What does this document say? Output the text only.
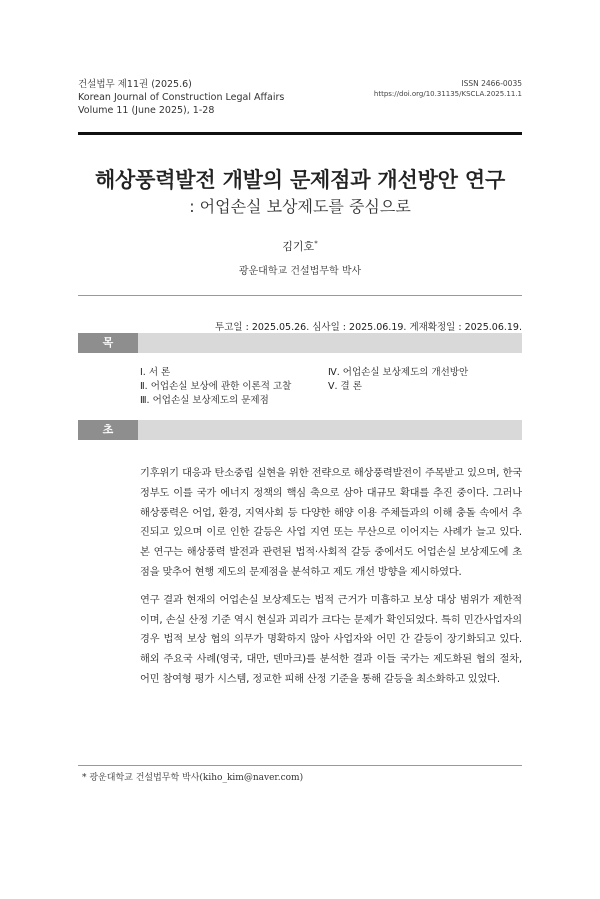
건설법무 제11권 (2025.6)
Korean Journal of Construction Legal Affairs
Volume 11 (June 2025), 1-28
ISSN 2466-0035
https://doi.org/10.31135/KSCLA.2025.11.1
해상풍력발전 개발의 문제점과 개선방안 연구
: 어업손실 보상제도를 중심으로
김기호*
광운대학교 건설법무학 박사
투고일 : 2025.05.26. 심사일 : 2025.06.19. 게재확정일 : 2025.06.19.
목 차
Ⅰ. 서 론
Ⅱ. 어업손실 보상에 관한 이론적 고찰
Ⅲ. 어업손실 보상제도의 문제점
Ⅳ. 어업손실 보상제도의 개선방안
Ⅴ. 결 론
초 록

기후위기 대응과 탄소중립 실현을 위한 전략으로 해상풍력발전이 주목받고 있으며, 한국 정부도 이를 국가 에너지 정책의 핵심 축으로 삼아 대규모 확대를 추진 중이다. 그러나 해상풍력은 어업, 환경, 지역사회 등 다양한 해양 이용 주체들과의 이해 충돌 속에서 추진되고 있으며 이로 인한 갈등은 사업 지연 또는 무산으로 이어지는 사례가 늘고 있다. 본 연구는 해상풍력 발전과 관련된 법적·사회적 갈등 중에서도 어업손실 보상제도에 초점을 맞추어 현행 제도의 문제점을 분석하고 제도 개선 방향을 제시하였다.

연구 결과 현재의 어업손실 보상제도는 법적 근거가 미흡하고 보상 대상 범위가 제한적이며, 손실 산정 기준 역시 현실과 괴리가 크다는 문제가 확인되었다. 특히 민간사업자의 경우 법적 보상 협의 의무가 명확하지 않아 사업자와 어민 간 갈등이 장기화되고 있다. 해외 주요국 사례(영국, 대만, 덴마크)를 분석한 결과 이들 국가는 제도화된 협의 절차, 어민 참여형 평가 시스템, 정교한 피해 산정 기준을 통해 갈등을 최소화하고 있었다.

* 광운대학교 건설법무학 박사(kiho_kim@naver.com)
